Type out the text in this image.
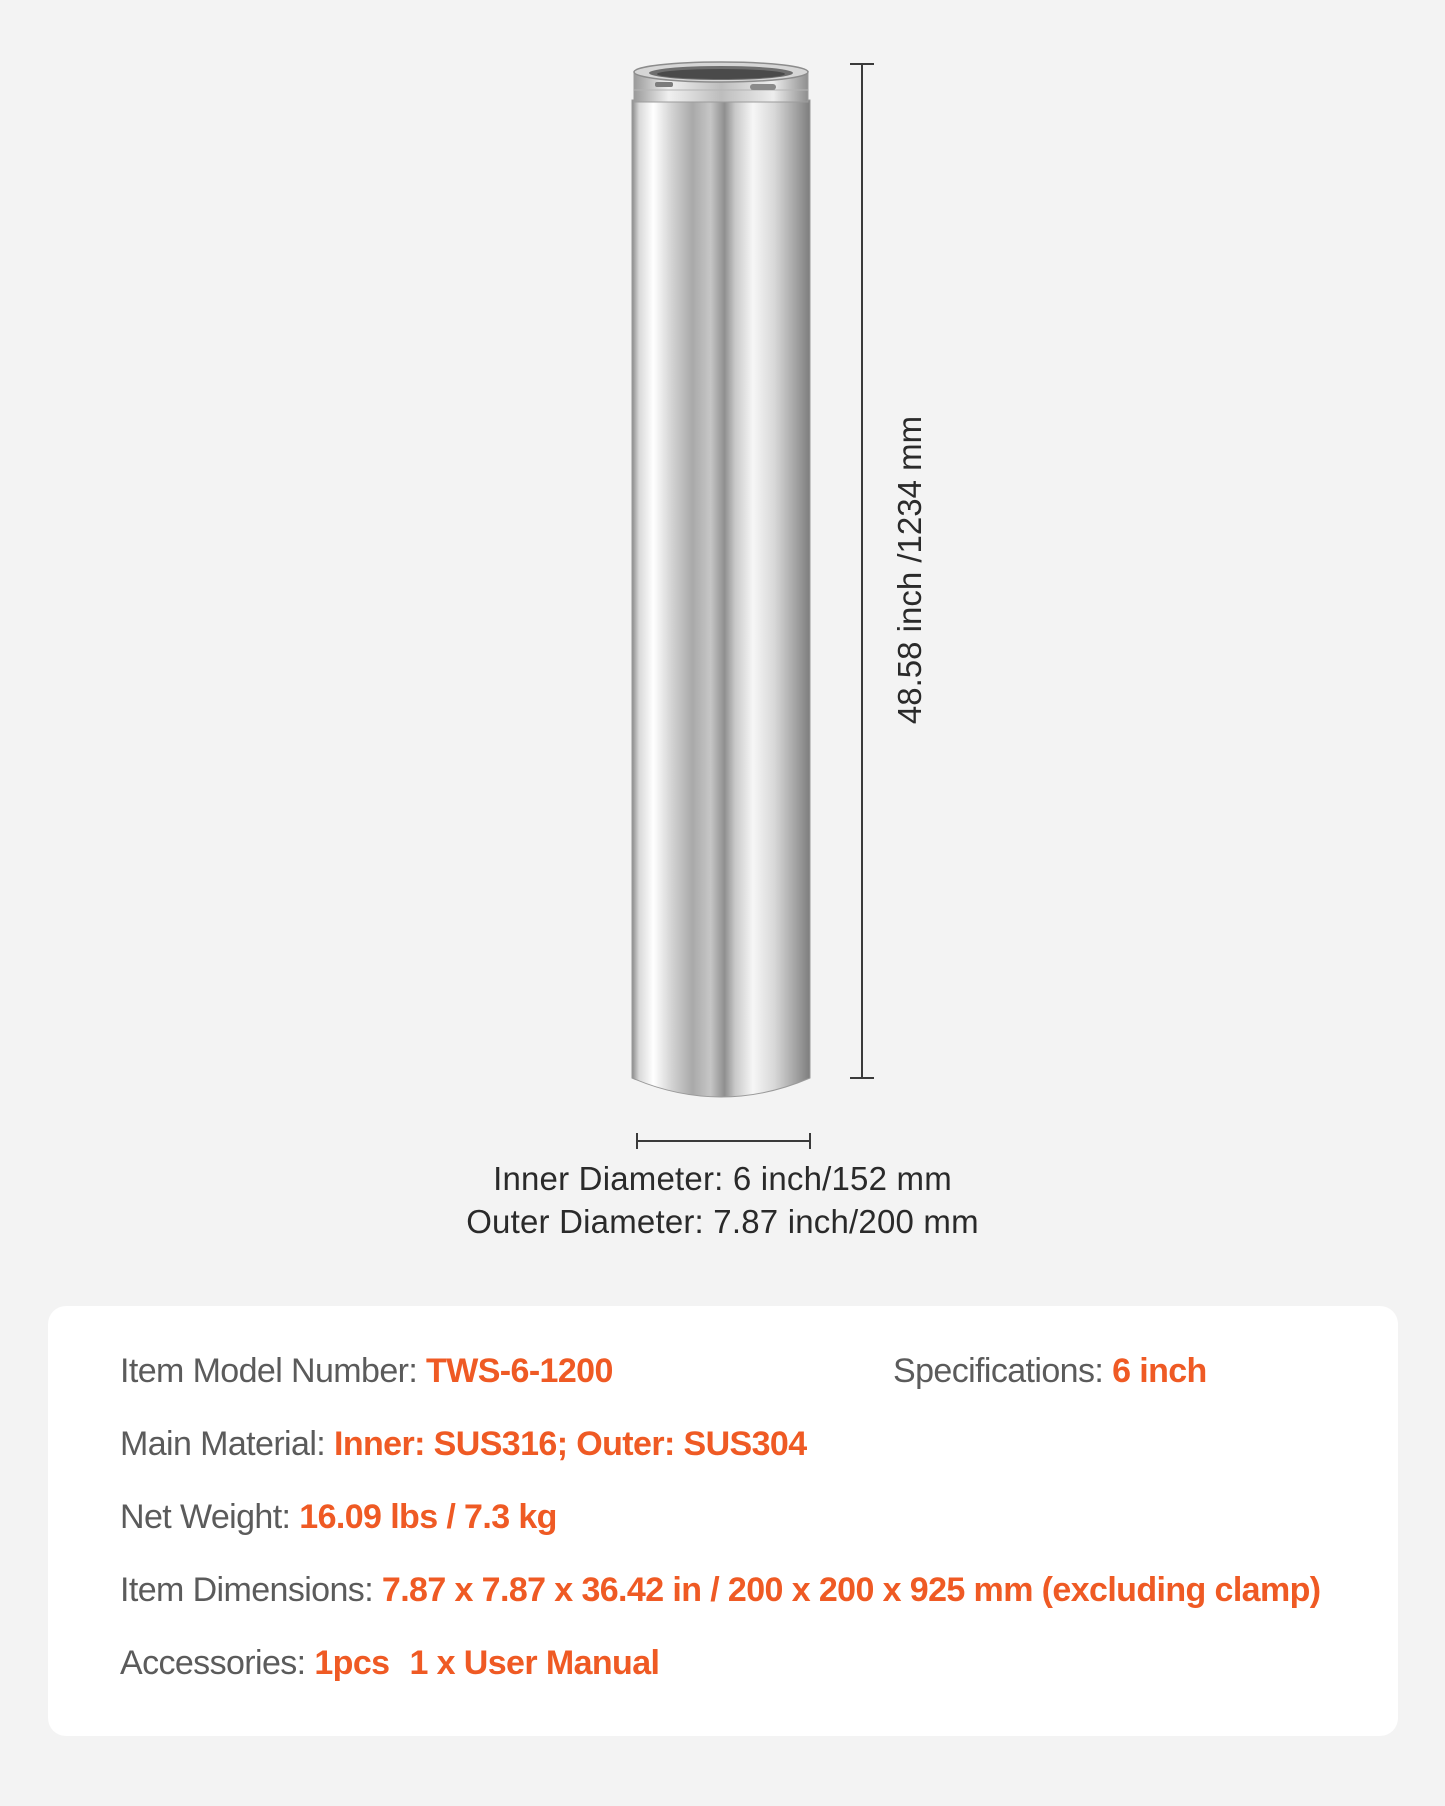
48.58 inch /1234 mm
Inner Diameter: 6 inch/152 mm
Outer Diameter: 7.87 inch/200 mm
Item Model Number: TWS-6-1200	Specifications: 6 inch
Main Material: Inner: SUS316; Outer: SUS304
Net Weight: 16.09 lbs / 7.3 kg
Item Dimensions: 7.87 x 7.87 x 36.42 in / 200 x 200 x 925 mm (excluding clamp)
Accessories: 1pcs 1 x User Manual
